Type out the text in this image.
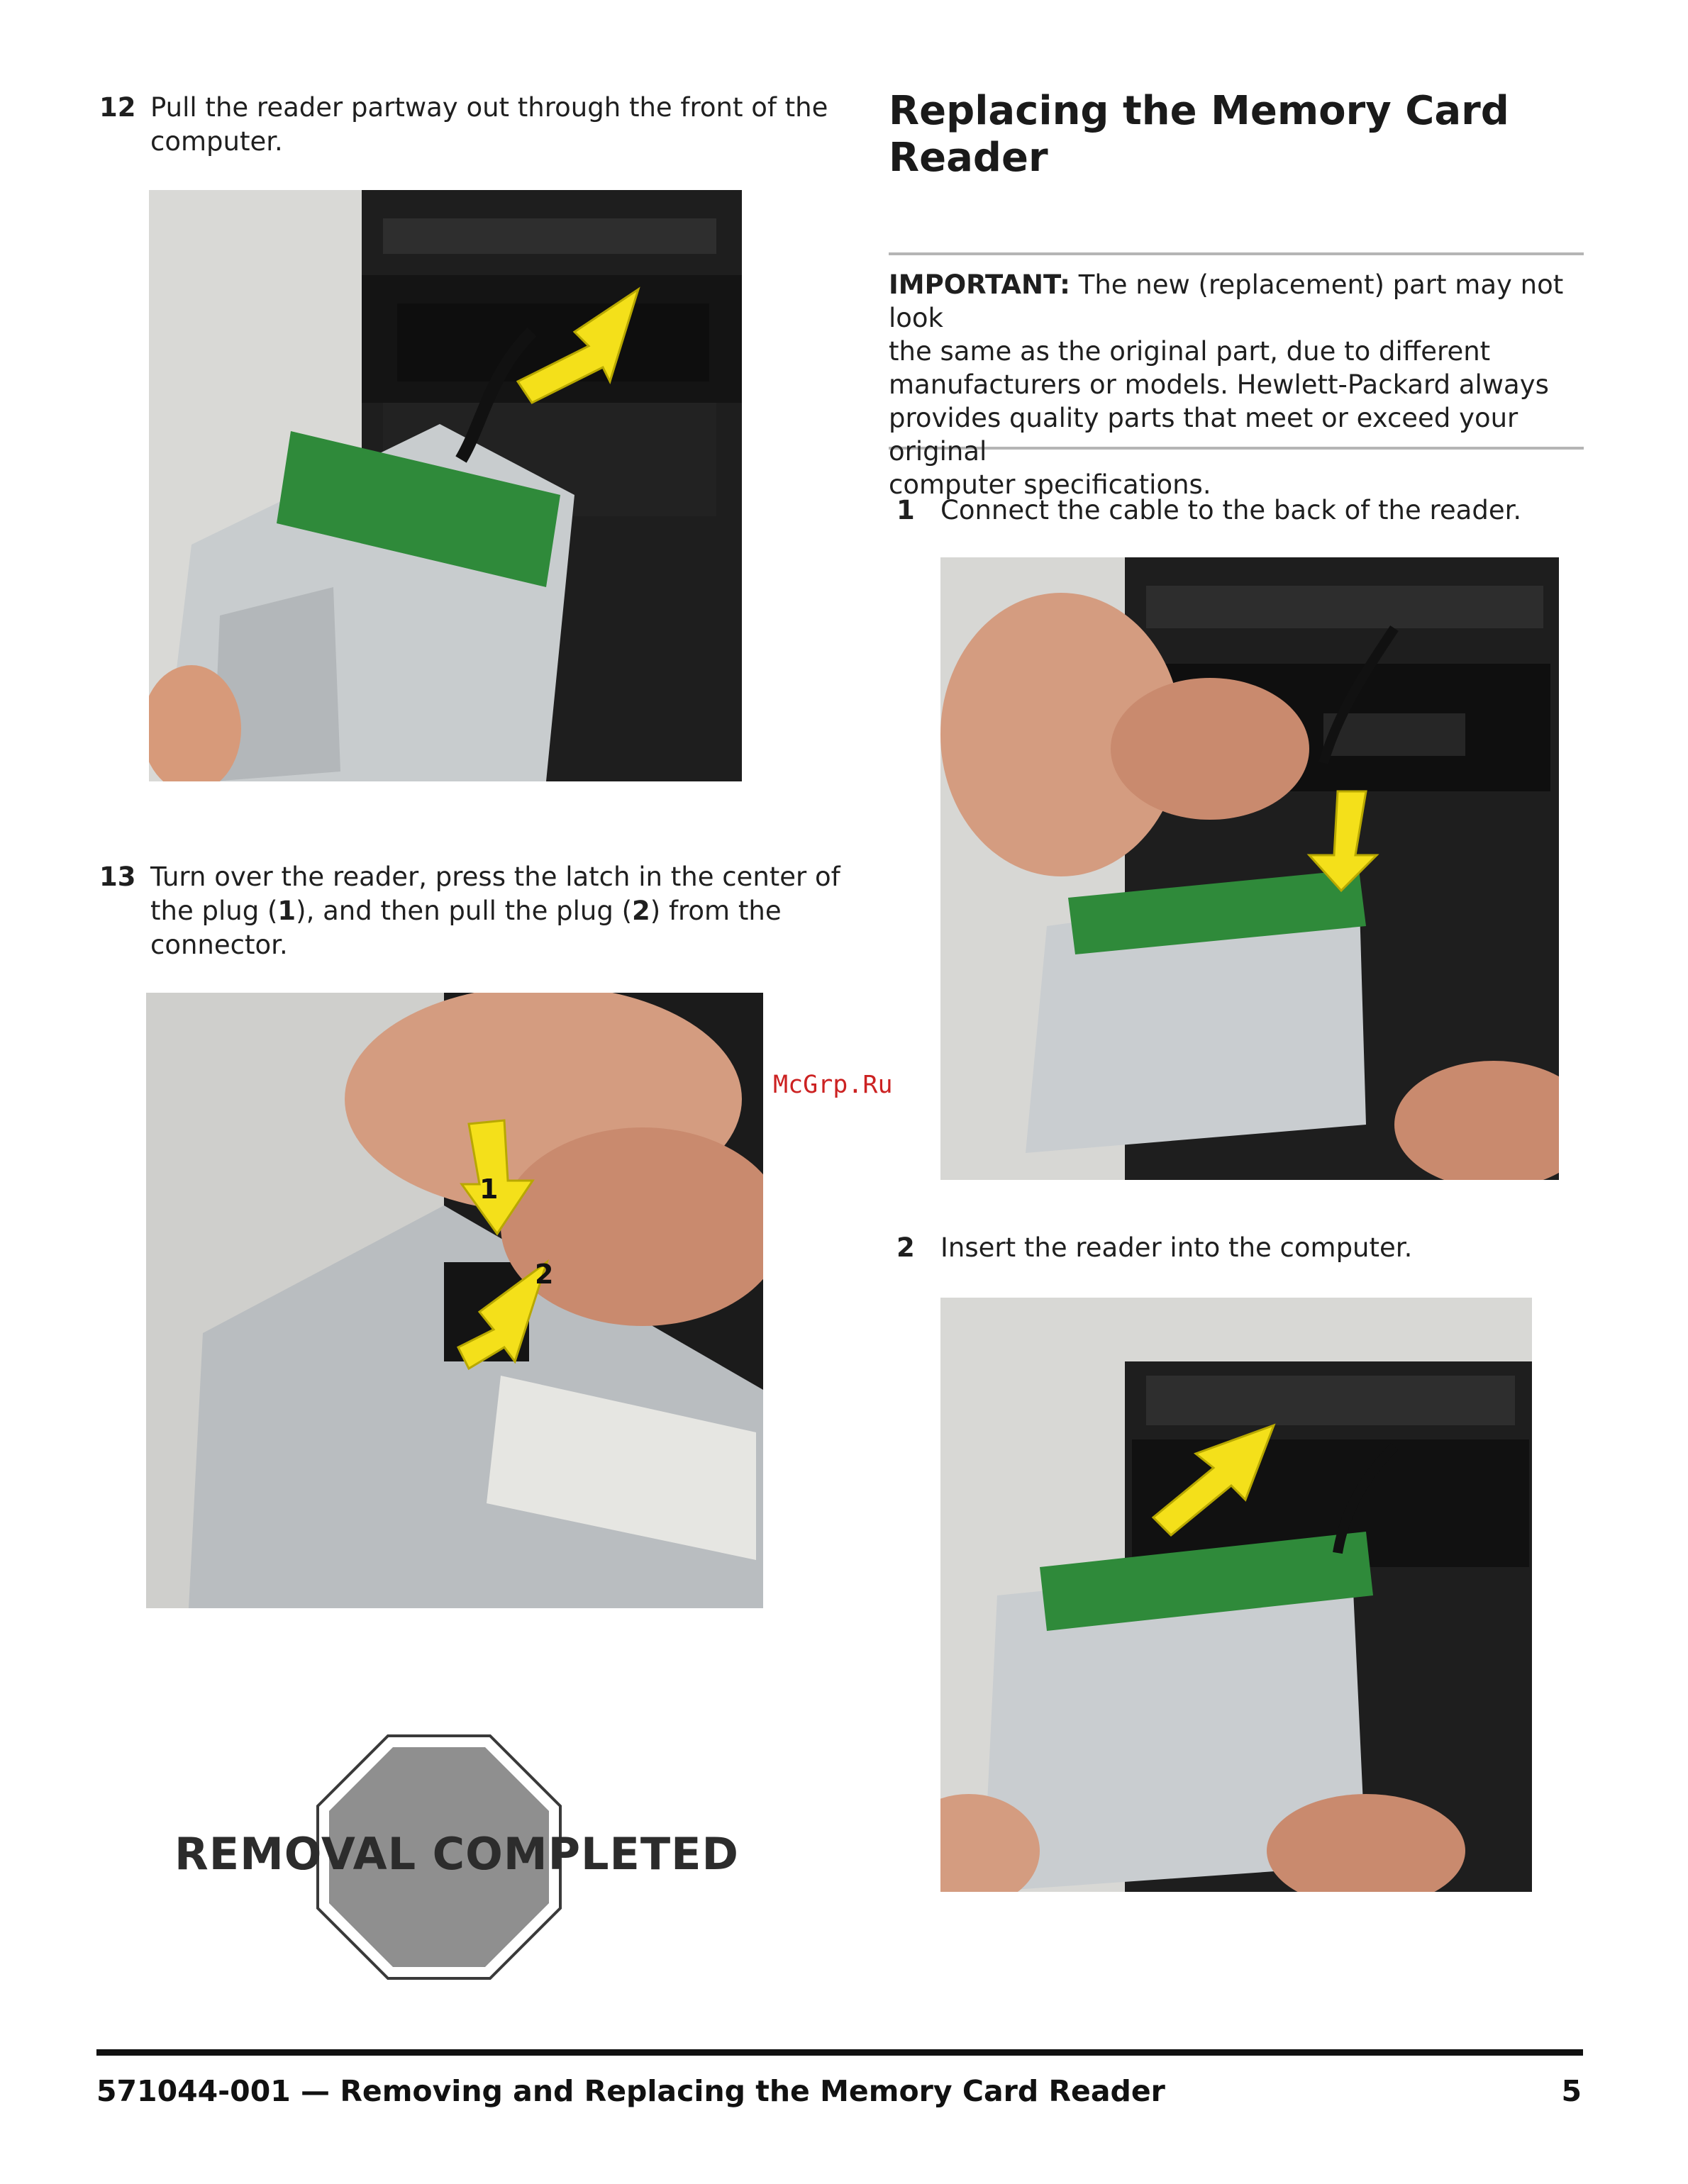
12 Pull the reader partway out through the front of the
computer.
13 Turn over the reader, press the latch in the center of
the plug (1), and then pull the plug (2) from the
connector.
1
2
REMOVAL COMPLETED
McGrp.Ru
Replacing the Memory Card
Reader
IMPORTANT: The new (replacement) part may not look
the same as the original part, due to different
manufacturers or models. Hewlett-Packard always
provides quality parts that meet or exceed your original
computer specifications.
1 Connect the cable to the back of the reader.
2 Insert the reader into the computer.
571044-001 — Removing and Replacing the Memory Card Reader	5
